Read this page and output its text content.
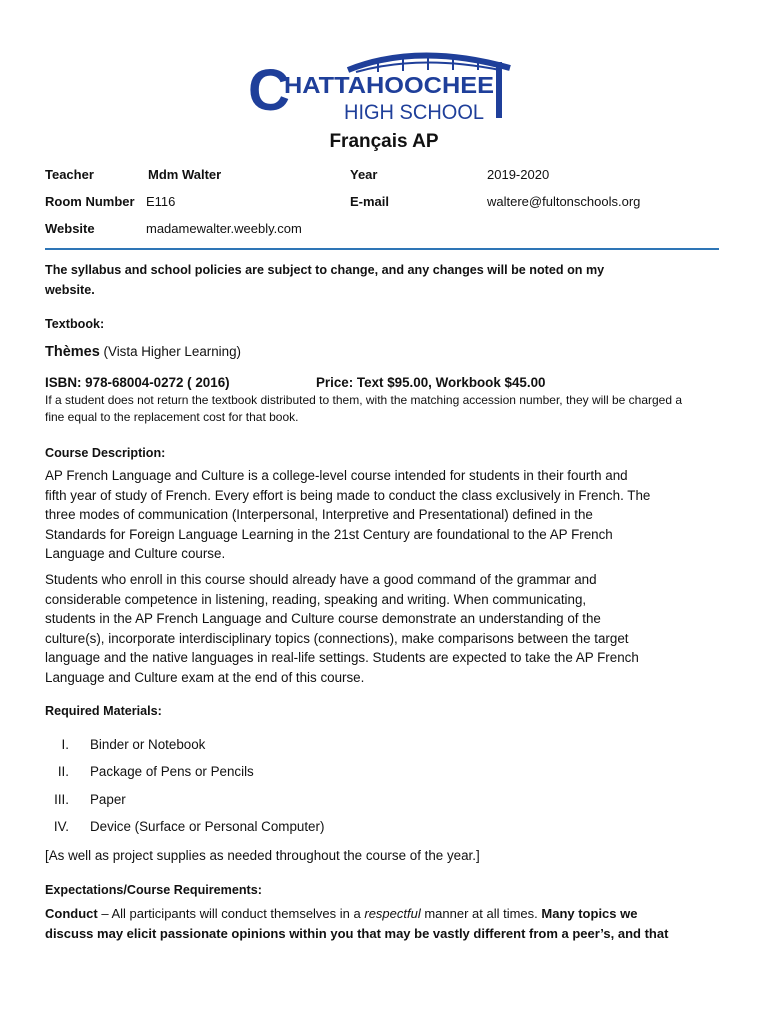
C
HATTAHOOCHEE
HIGH SCHOOL
Français AP
Teacher	Mdm Walter	Year	2019-2020
Room Number E116	E-mail	waltere@fultonschools.org
Website	madamewalter.weebly.com
The syllabus and school policies are subject to change, and any changes will be noted on my
website.
Textbook:
Thèmes (Vista Higher Learning)
ISBN: 978-68004-0272 ( 2016)	Price: Text $95.00, Workbook $45.00
If a student does not return the textbook distributed to them, with the matching accession number, they will be charged a
fine equal to the replacement cost for that book.
Course Description:
AP French Language and Culture is a college-level course intended for students in their fourth and
fifth year of study of French. Every effort is being made to conduct the class exclusively in French. The
three modes of communication (Interpersonal, Interpretive and Presentational) defined in the
Standards for Foreign Language Learning in the 21st Century are foundational to the AP French
Language and Culture course.
Students who enroll in this course should already have a good command of the grammar and
considerable competence in listening, reading, speaking and writing. When communicating,
students in the AP French Language and Culture course demonstrate an understanding of the
culture(s), incorporate interdisciplinary topics (connections), make comparisons between the target
language and the native languages in real-life settings. Students are expected to take the AP French
Language and Culture exam at the end of this course.
Required Materials:
I. Binder or Notebook
II. Package of Pens or Pencils
III. Paper
IV. Device (Surface or Personal Computer)
[As well as project supplies as needed throughout the course of the year.]
Expectations/Course Requirements:
Conduct – All participants will conduct themselves in a respectful manner at all times. Many topics we
discuss may elicit passionate opinions within you that may be vastly different from a peer’s, and that
